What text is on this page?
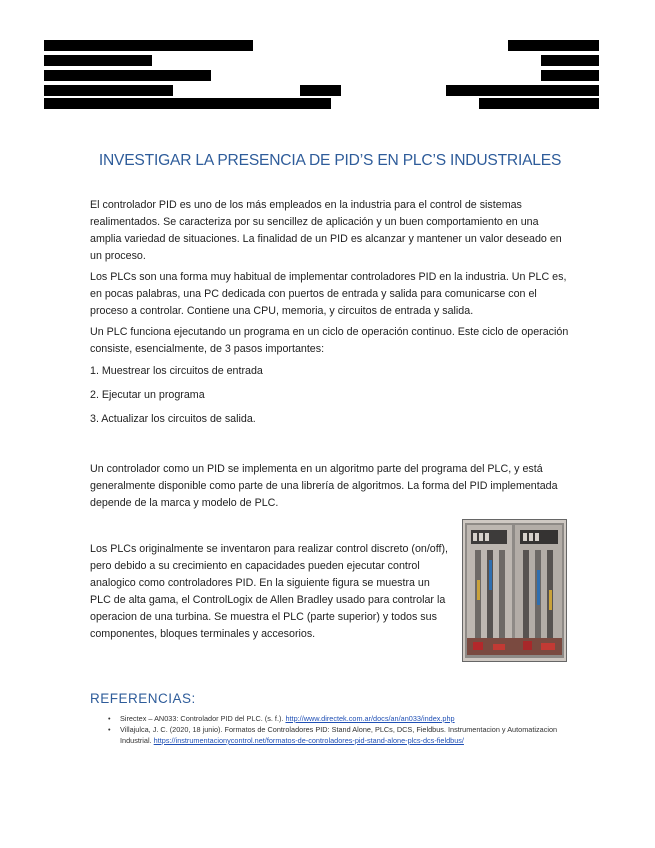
INVESTIGAR LA PRESENCIA DE PID’S EN PLC’S INDUSTRIALES

El controlador PID es uno de los más empleados en la industria para el control de sistemas realimentados. Se caracteriza por su sencillez de aplicación y un buen comportamiento en una amplia variedad de situaciones. La finalidad de un PID es alcanzar y mantener un valor deseado en un proceso.

Los PLCs son una forma muy habitual de implementar controladores PID en la industria. Un PLC es, en pocas palabras, una PC dedicada con puertos de entrada y salida para comunicarse con el proceso a controlar. Contiene una CPU, memoria, y circuitos de entrada y salida.

Un PLC funciona ejecutando un programa en un ciclo de operación continuo. Este ciclo de operación consiste, esencialmente, de 3 pasos importantes:

1. Muestrear los circuitos de entrada

2. Ejecutar un programa

3. Actualizar los circuitos de salida.

Un controlador como un PID se implementa en un algoritmo parte del programa del PLC, y está generalmente disponible como parte de una librería de algoritmos. La forma del PID implementada depende de la marca y modelo de PLC.

Los PLCs originalmente se inventaron para realizar control discreto (on/off), pero debido a su crecimiento en capacidades pueden ejecutar control analogico como controladores PID. En la siguiente figura se muestra un PLC de alta gama, el ControlLogix de Allen Bradley usado para controlar la operacion de una turbina. Se muestra el PLC (parte superior) y todos sus componentes, bloques terminales y accesorios.

REFERENCIAS:
• Sirectex – AN033: Controlador PID del PLC. (s. f.). http://www.directek.com.ar/docs/an/an033/index.php
• Villajulca, J. C. (2020, 18 junio). Formatos de Controladores PID: Stand Alone, PLCs, DCS, Fieldbus. Instrumentacion y Automatizacion Industrial. https://instrumentacionycontrol.net/formatos-de-controladores-pid-stand-alone-plcs-dcs-fieldbus/
